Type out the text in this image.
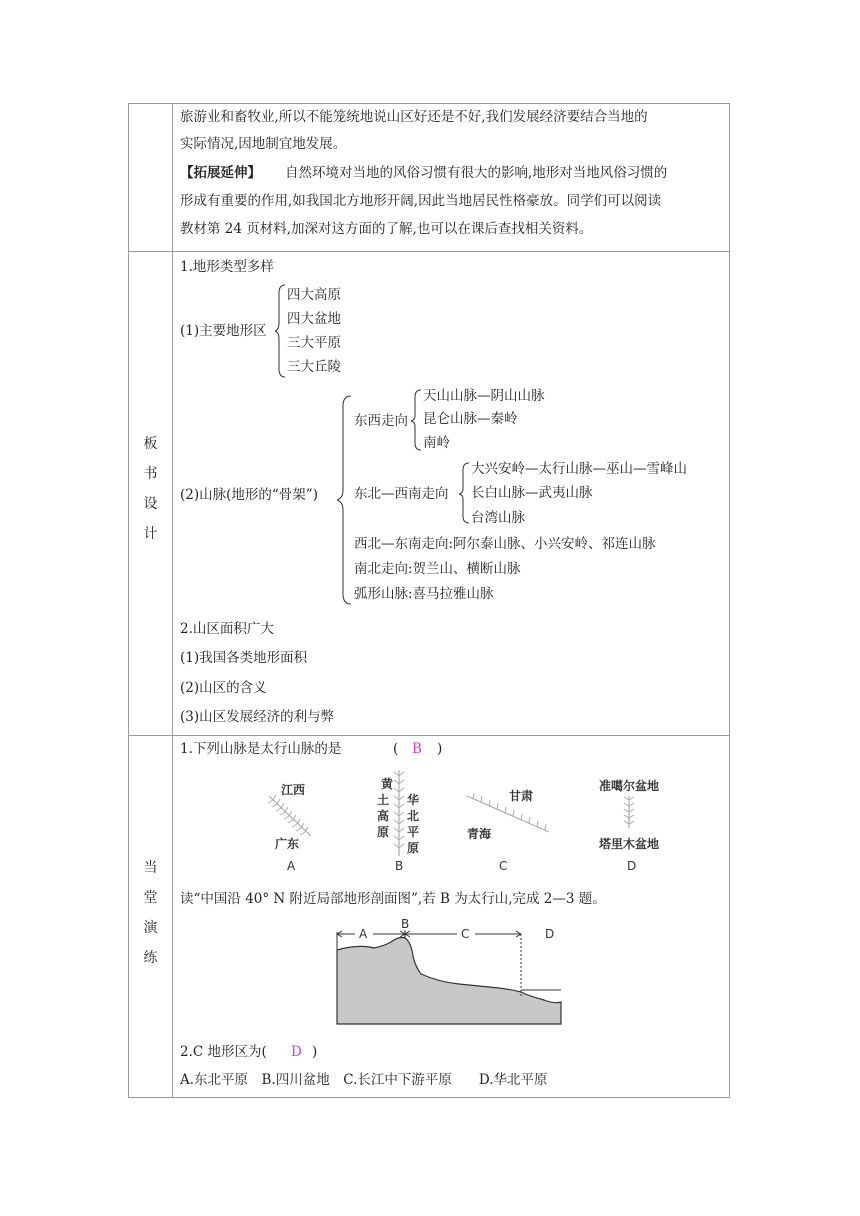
旅游业和畜牧业,所以不能笼统地说山区好还是不好,我们发展经济要结合当地的
实际情况,因地制宜地发展。
【拓展延伸】 自然环境对当地的风俗习惯有很大的影响,地形对当地风俗习惯的
形成有重要的作用,如我国北方地形开阔,因此当地居民性格豪放。同学们可以阅读
教材第 24 页材料,加深对这方面的了解,也可以在课后查找相关资料。
板
书
设
计
1.地形类型多样
(1)主要地形区
四大高原
四大盆地
三大平原
三大丘陵
(2)山脉(地形的“骨架”)
东西走向
天山山脉—阴山山脉
昆仑山脉—秦岭
南岭
东北—西南走向
大兴安岭—太行山脉—巫山—雪峰山
长白山脉—武夷山脉
台湾山脉
西北—东南走向:阿尔泰山脉、小兴安岭、祁连山脉
南北走向:贺兰山、横断山脉
弧形山脉:喜马拉雅山脉
2.山区面积广大
(1)我国各类地形面积
(2)山区的含义
(3)山区发展经济的利与弊
当
堂
演
练
1.下列山脉是太行山脉的是	( B )
江西
广东
A
黄
土
高
原
华
北
平
原
B
甘肃
青海
C
准噶尔盆地
塔里木盆地
D
读“中国沿 40° N 附近局部地形剖面图”,若 B 为太行山,完成 2—3 题。
A
B
C	D
2.C 地形区为( D )
A.东北平原　B.四川盆地　C.长江中下游平原　　D.华北平原
